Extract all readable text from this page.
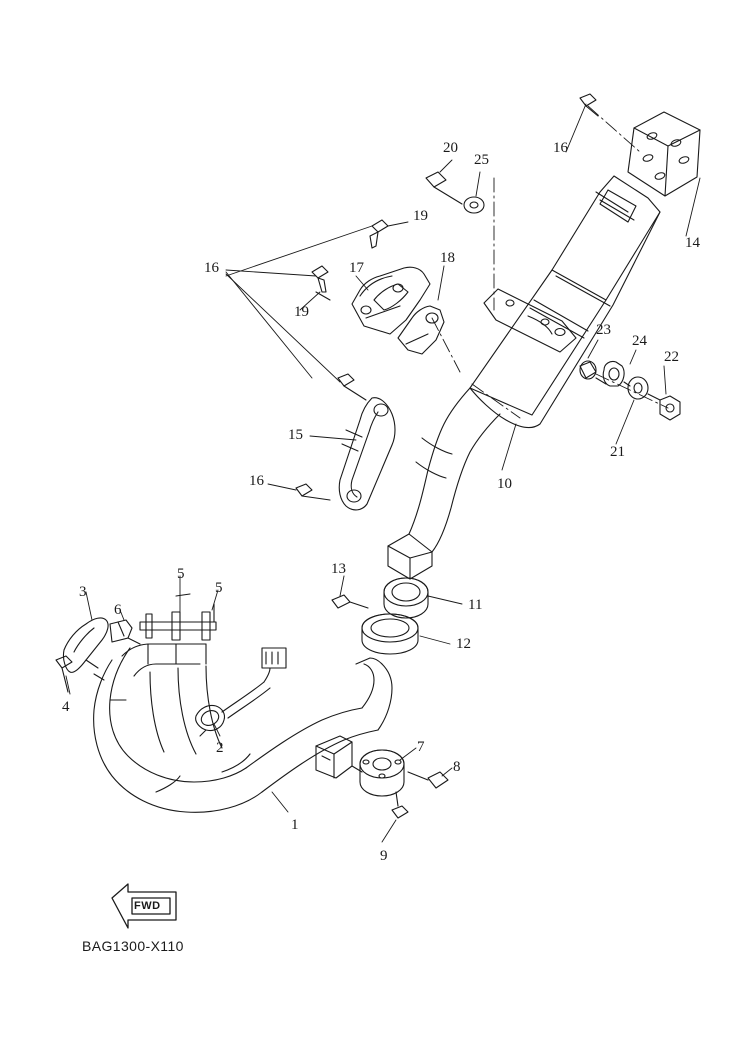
1
2
3
4
5
5
6
7
8
9
10
11
12
13
14
15
16
16
16
17
18
19
19
20
21
22
23
24
25
FWD
BAG1300-X110
